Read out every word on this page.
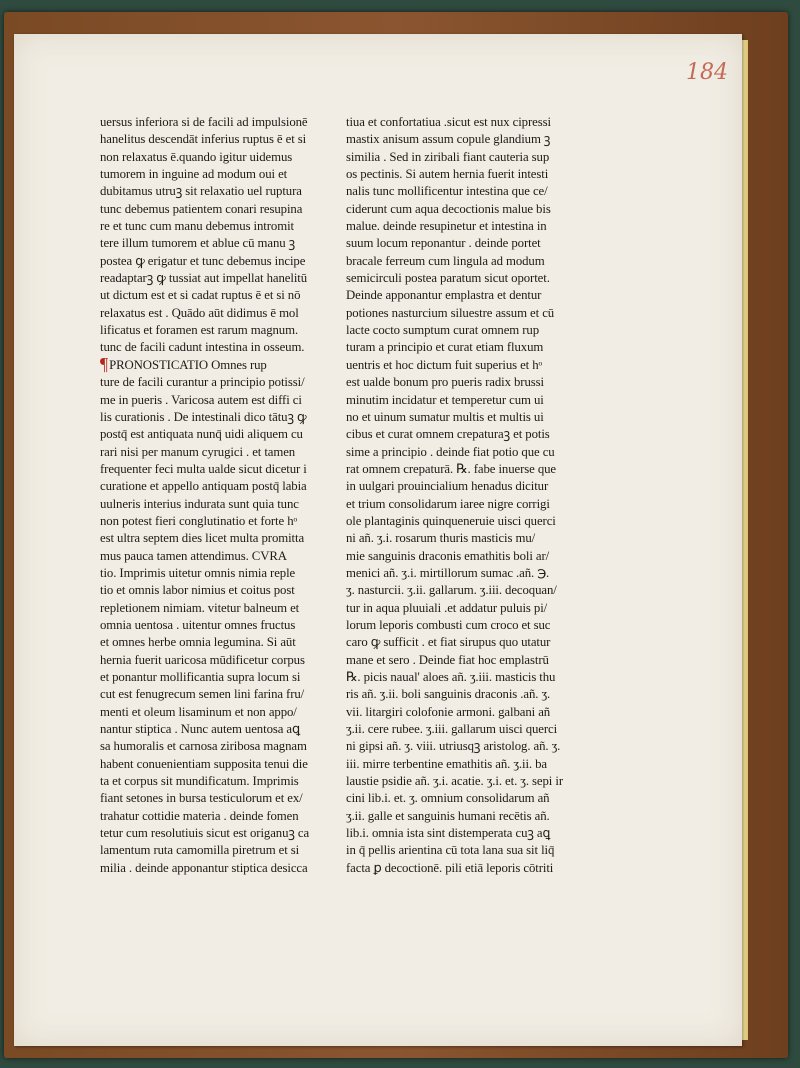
184
uersus inferiora si de facili ad impulsionē
hanelitus descendāt inferius ruptus ē et si
non relaxatus ē.quando igitur uidemus
tumorem in inguine ad modum oui et
dubitamus utruꝫ sit relaxatio uel ruptura
tunc debemus patientem conari resupina
re et tunc cum manu debemus intromit
tere illum tumorem et ablue cū manu ꝫ
postea ꝙ erigatur et tunc debemus incipe
readaptarꝫ ꝙ tussiat aut impellat hanelitū
ut dictum est et si cadat ruptus ē et si nō
relaxatus est . Quādo aūt didimus ē mol
lificatus et foramen est rarum magnum.
tunc de facili cadunt intestina in osseum.
¶PRONOSTICATIO Omnes rup
ture de facili curantur a principio potissi/
me in pueris . Varicosa autem est diffi ci
lis curationis . De intestinali dico tātuꝫ ꝙ
postq̄ est antiquata nunq̄ uidi aliquem cu
rari nisi per manum cyrugici . et tamen
frequenter feci multa ualde sicut dicetur i
curatione et appello antiquam postq̄ labia
uulneris interius indurata sunt quia tunc
non potest fieri conglutinatio et forte hᵒ
est ultra septem dies licet multa promitta
mus pauca tamen attendimus. CVRA
tio. Imprimis uitetur omnis nimia reple
tio et omnis labor nimius et coitus post
repletionem nimiam. vitetur balneum et
omnia uentosa . uitentur omnes fructus
et omnes herbe omnia legumina. Si aūt
hernia fuerit uaricosa mūdificetur corpus
et ponantur mollificantia supra locum si
cut est fenugrecum semen lini farina fru/
menti et oleum lisaminum et non appo/
nantur stiptica . Nunc autem uentosa aꝗ
sa humoralis et carnosa ziribosa magnam
habent conuenientiam supposita tenui die
ta et corpus sit mundificatum. Imprimis
fiant setones in bursa testiculorum et ex/
trahatur cottidie materia . deinde fomen
tetur cum resolutiuis sicut est origanuꝫ ca
lamentum ruta camomilla piretrum et si
milia . deinde apponantur stiptica desicca
tiua et confortatiua .sicut est nux cipressi
mastix anisum assum copule glandium ꝫ
similia . Sed in ziribali fiant cauteria sup
os pectinis. Si autem hernia fuerit intesti
nalis tunc mollificentur intestina que ce/
ciderunt cum aqua decoctionis malue bis
malue. deinde resupinetur et intestina in
suum locum reponantur . deinde portet
bracale ferreum cum lingula ad modum
semicirculi postea paratum sicut oportet.
Deinde apponantur emplastra et dentur
potiones nasturcium siluestre assum et cū
lacte cocto sumptum curat omnem rup
turam a principio et curat etiam fluxum
uentris et hoc dictum fuit superius et hᵒ
est ualde bonum pro pueris radix brussi
minutim incidatur et temperetur cum ui
no et uinum sumatur multis et multis ui
cibus et curat omnem crepaturaꝫ et potis
sime a principio . deinde fiat potio que cu
rat omnem crepaturā. ℞. fabe inuerse que
in uulgari prouincialium henadus dicitur
et trium consolidarum iaree nigre corrigi
ole plantaginis quinqueneruie uisci querci
ni añ. ʒ.i. rosarum thuris masticis mu/
mie sanguinis draconis emathitis boli ar/
menici añ. ʒ.i. mirtillorum sumac .añ. ℈.
ʒ. nasturcii. ʒ.ii. gallarum. ʒ.iii. decoquan/
tur in aqua pluuiali .et addatur puluis pi/
lorum leporis combusti cum croco et suc
caro ꝙ sufficit . et fiat sirupus quo utatur
mane et sero . Deinde fiat hoc emplastrū
℞. picis naual' aloes añ. ʒ.iii. masticis thu
ris añ. ʒ.ii. boli sanguinis draconis .añ. ʒ.
vii. litargiri colofonie armoni. galbani añ
ʒ.ii. cere rubee. ʒ.iii. gallarum uisci querci
ni gipsi añ. ʒ. viii. utriusqꝫ aristolog. añ. ʒ.
iii. mirre terbentine emathitis añ. ʒ.ii. ba
laustie psidie añ. ʒ.i. acatie. ʒ.i. et. ʒ. sepi ir
cini lib.i. et. ʒ. omnium consolidarum añ
ʒ.ii. galle et sanguinis humani recētis añ.
lib.i. omnia ista sint distemperata cuꝫ aꝗ
in q̄ pellis arientina cū tota lana sua sit liq̄
facta ꝑ decoctionē. pili etiā leporis cōtriti
